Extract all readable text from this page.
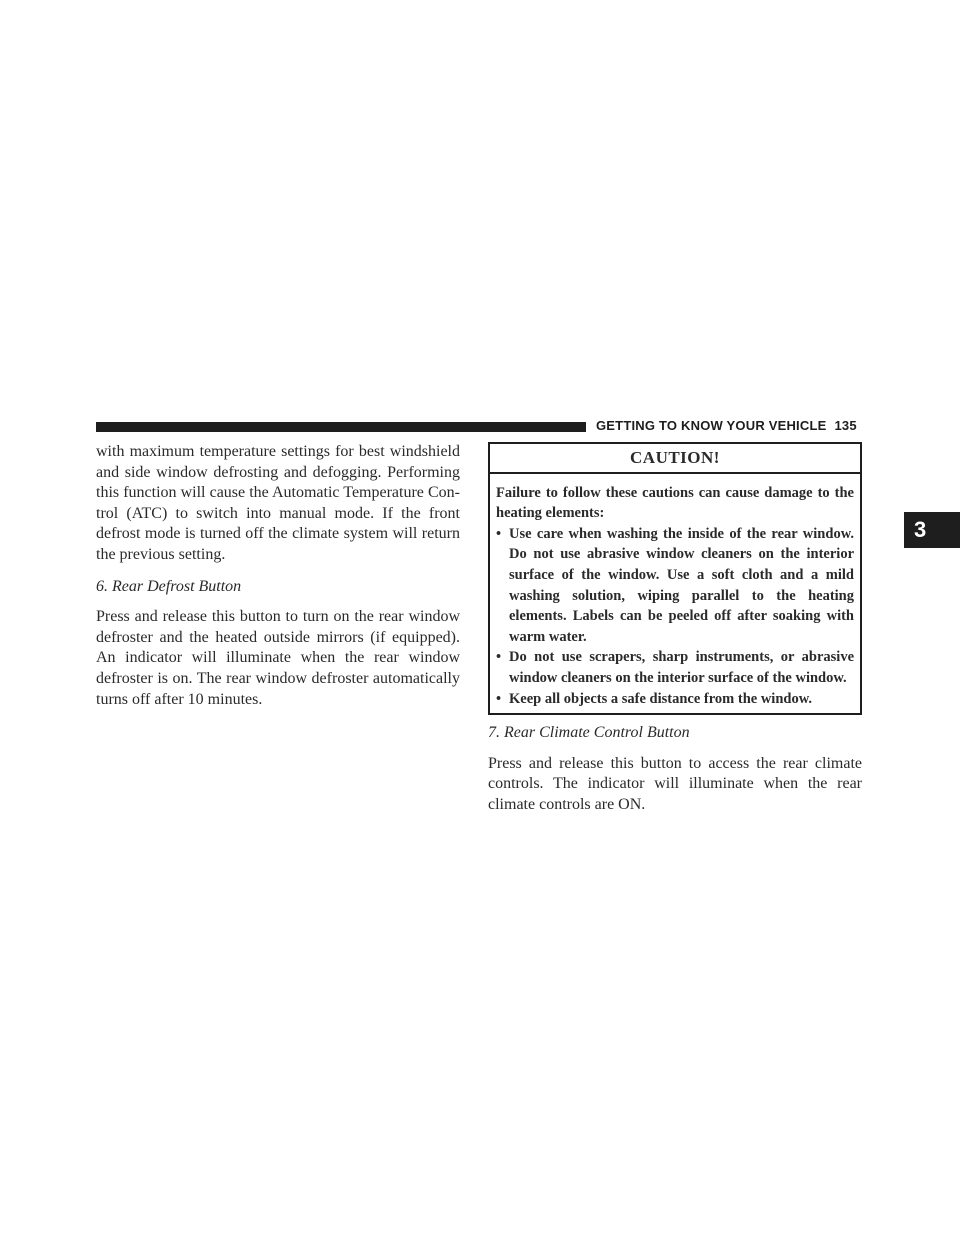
GETTING TO KNOW YOUR VEHICLE 135
3

with maximum temperature settings for best windshield and side window defrosting and defogging. Performing this function will cause the Automatic Temperature Control (ATC) to switch into manual mode. If the front defrost mode is turned off the climate system will return the previous setting.

6. Rear Defrost Button

Press and release this button to turn on the rear window defroster and the heated outside mirrors (if equipped). An indicator will illuminate when the rear window defroster is on. The rear window defroster automatically turns off after 10 minutes.

CAUTION!

Failure to follow these cautions can cause damage to the heating elements:

• Use care when washing the inside of the rear window. Do not use abrasive window cleaners on the interior surface of the window. Use a soft cloth and a mild washing solution, wiping parallel to the heating elements. Labels can be peeled off after soaking with warm water.
• Do not use scrapers, sharp instruments, or abrasive window cleaners on the interior surface of the window.
• Keep all objects a safe distance from the window.
7. Rear Climate Control Button

Press and release this button to access the rear climate controls. The indicator will illuminate when the rear climate controls are ON.
